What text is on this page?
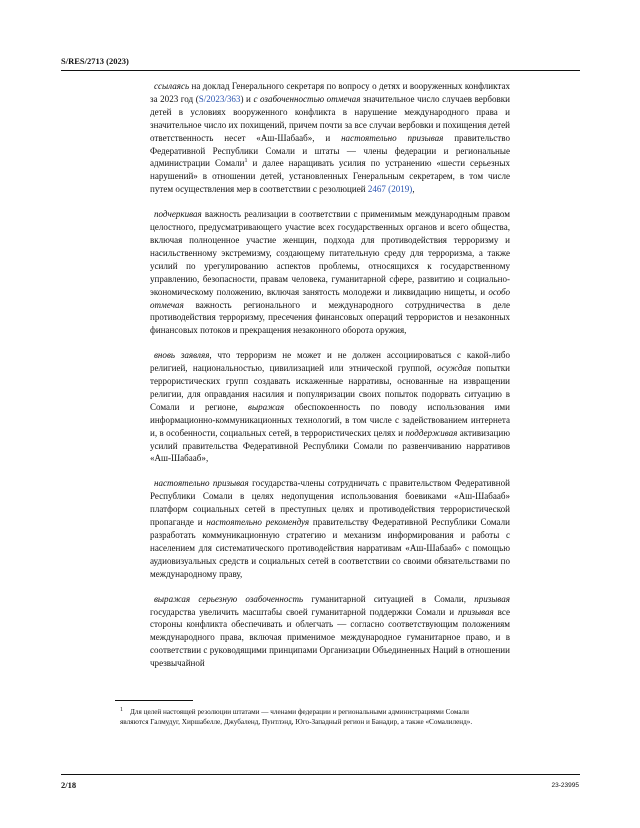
S/RES/2713 (2023)

ссылаясь на доклад Генерального секретаря по вопросу о детях и вооруженных конфликтах за 2023 год (S/2023/363) и с озабоченностью отмечая значительное число случаев вербовки детей в условиях вооруженного конфликта в нарушение международного права и значительное число их похищений, причем почти за все случаи вербовки и похищения детей ответственность несет «Аш-Шабааб», и настоятельно призывая правительство Федеративной Республики Сомали и штаты — члены федерации и региональные администрации Сомали$^1$ и далее наращивать усилия по устранению «шести серьезных нарушений» в отношении детей, установленных Генеральным секретарем, в том числе путем осуществления мер в соответствии с резолюцией 2467 (2019),

подчеркивая важность реализации в соответствии с применимым международным правом целостного, предусматривающего участие всех государственных органов и всего общества, включая полноценное участие женщин, подхода для противодействия терроризму и насильственному экстремизму, создающему питательную среду для терроризма, а также усилий по урегулированию аспектов проблемы, относящихся к государственному управлению, безопасности, правам человека, гуманитарной сфере, развитию и социально-экономическому положению, включая занятость молодежи и ликвидацию нищеты, и особо отмечая важность регионального и международного сотрудничества в деле противодействия терроризму, пресечения финансовых операций террористов и незаконных финансовых потоков и прекращения незаконного оборота оружия,

вновь заявляя, что терроризм не может и не должен ассоциироваться с какой-либо религией, национальностью, цивилизацией или этнической группой, осуждая попытки террористических групп создавать искаженные нарративы, основанные на извращении религии, для оправдания насилия и популяризации своих попыток подорвать ситуацию в Сомали и регионе, выражая обеспокоенность по поводу использования ими информационно-коммуникационных технологий, в том числе с задействованием интернета и, в особенности, социальных сетей, в террористических целях и поддерживая активизацию усилий правительства Федеративной Республики Сомали по развенчиванию нарративов «Аш-Шабааб»,

настоятельно призывая государства-члены сотрудничать с правительством Федеративной Республики Сомали в целях недопущения использования боевиками «Аш-Шабааб» платформ социальных сетей в преступных целях и противодействия террористической пропаганде и настоятельно рекомендуя правительству Федеративной Республики Сомали разработать коммуникационную стратегию и механизм информирования и работы с населением для систематического противодействия нарративам «Аш-Шабааб» с помощью аудиовизуальных средств и социальных сетей в соответствии со своими обязательствами по международному праву,

выражая серьезную озабоченность гуманитарной ситуацией в Сомали, призывая государства увеличить масштабы своей гуманитарной поддержки Сомали и призывая все стороны конфликта обеспечивать и облегчать — согласно соответствующим положениям международного права, включая применимое международное гуманитарное право, и в соответствии с руководящими принципами Организации Объединенных Наций в отношении чрезвычайной

1 Для целей настоящей резолюции штатами — членами федерации и региональными администрациями Сомали являются Галмудуг, Хиршабелле, Джубаленд, Пунтлэнд, Юго-Западный регион и Банадир, а также «Сомалиленд».
2/18	23-23995
